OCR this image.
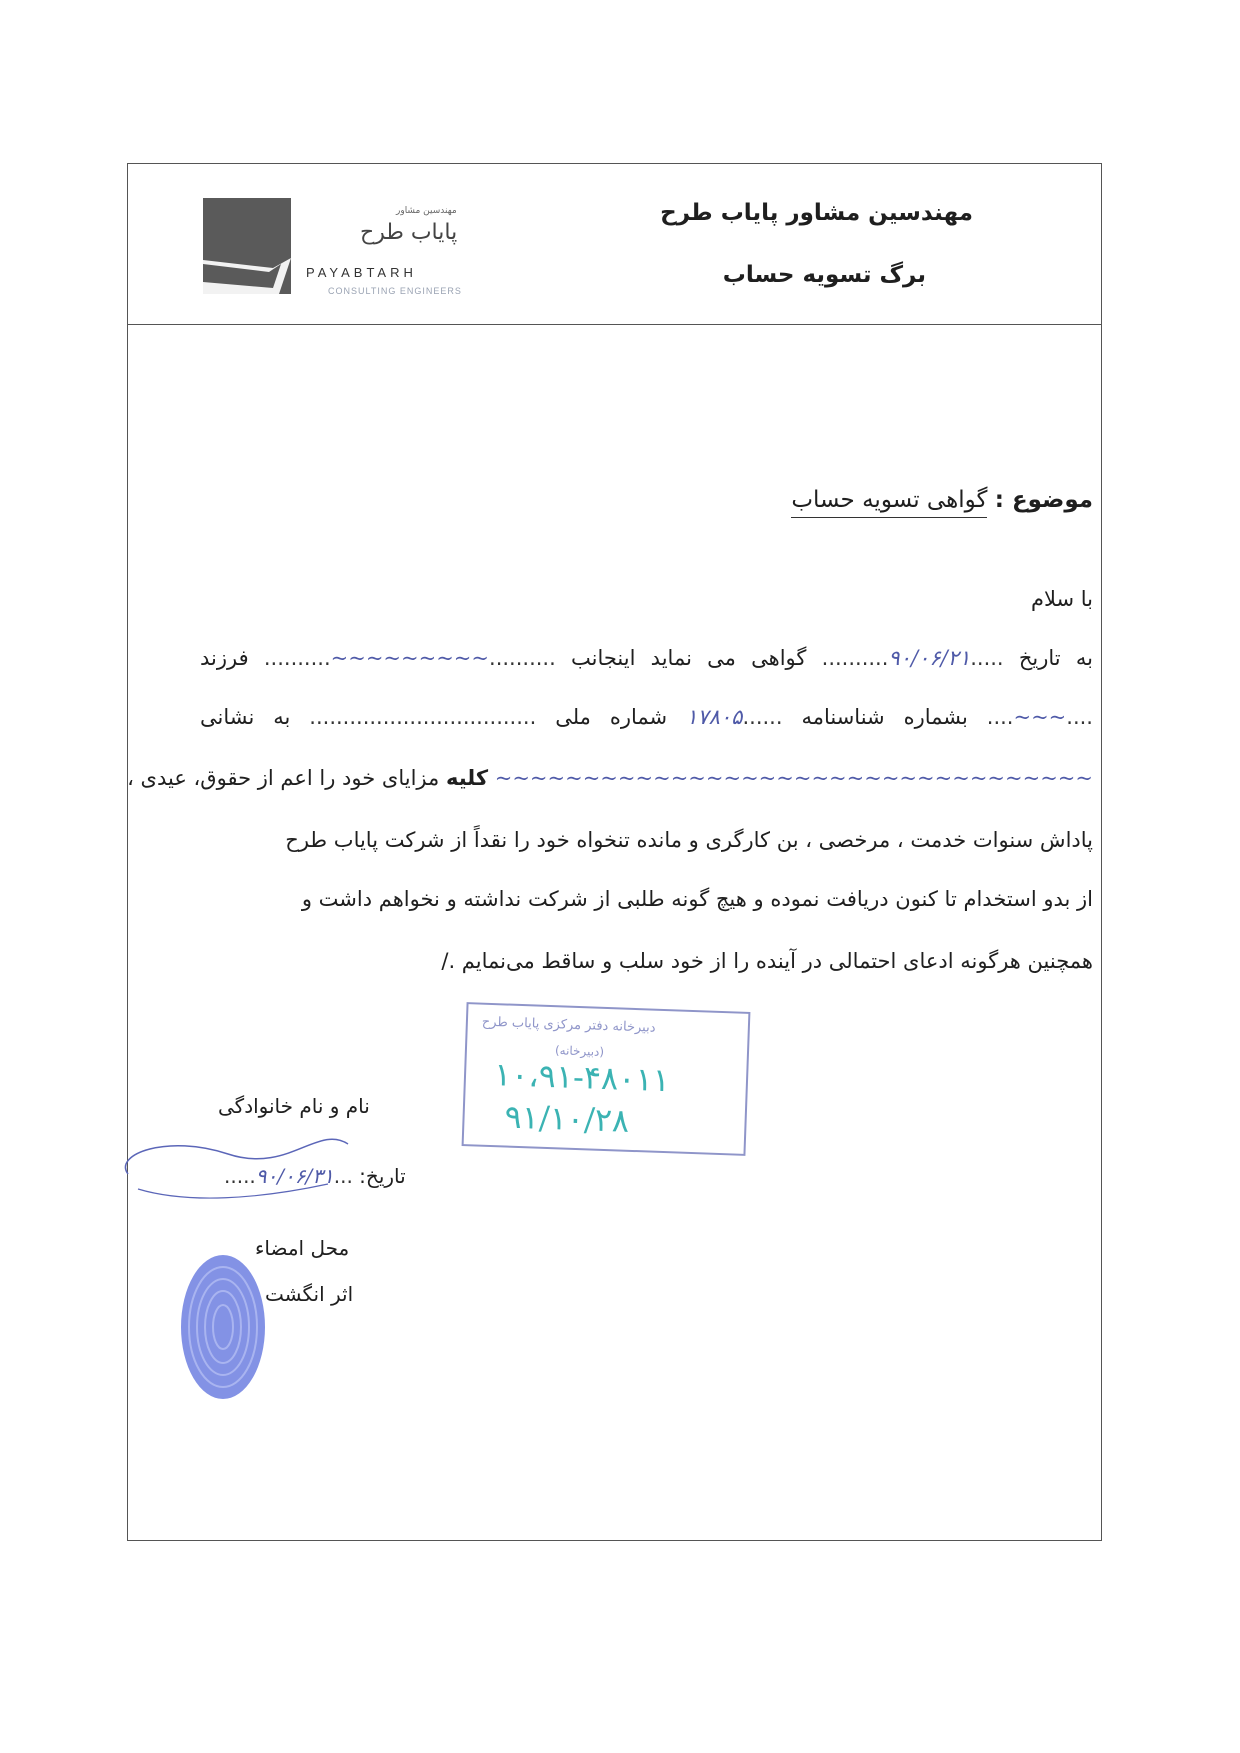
مهندسین مشاور پایاب طرح
برگ تسویه حساب
مهندسین مشاور
پایاب طرح
PAYABTARH
CONSULTING ENGINEERS
موضوع : گواهی تسویه حساب
با سلام
به تاریخ .....۹۰/۰۶/۲۱.......... گواهی می نماید اینجانب ..........~~~~~~~~~.......... فرزند
....~~~.... بشماره شناسنامه ......۱۷۸۰۵ شماره ملی .................................. به نشانی
~~~~~~~~~~~~~~~~~~~~~~~~~~~~~~~~~~ کلیه مزایای خود را اعم از حقوق، عیدی ،
پاداش سنوات خدمت ، مرخصی ، بن کارگری و مانده تنخواه خود را نقداً از شرکت پایاب طرح
از بدو استخدام تا کنون دریافت نموده و هیچ گونه طلبی از شرکت نداشته و نخواهم داشت و
همچنین هرگونه ادعای احتمالی در آینده را از خود سلب و ساقط می‌نمایم ./
دبیرخانه دفتر مرکزی پایاب طرح
(دبیرخانه)
۱۰،۹۱-۴۸۰۱۱
۹۱/۱۰/۲۸
نام و نام خانوادگی
تاریخ: ...۹۰/۰۶/۳۱.....
محل امضاء
اثر انگشت
